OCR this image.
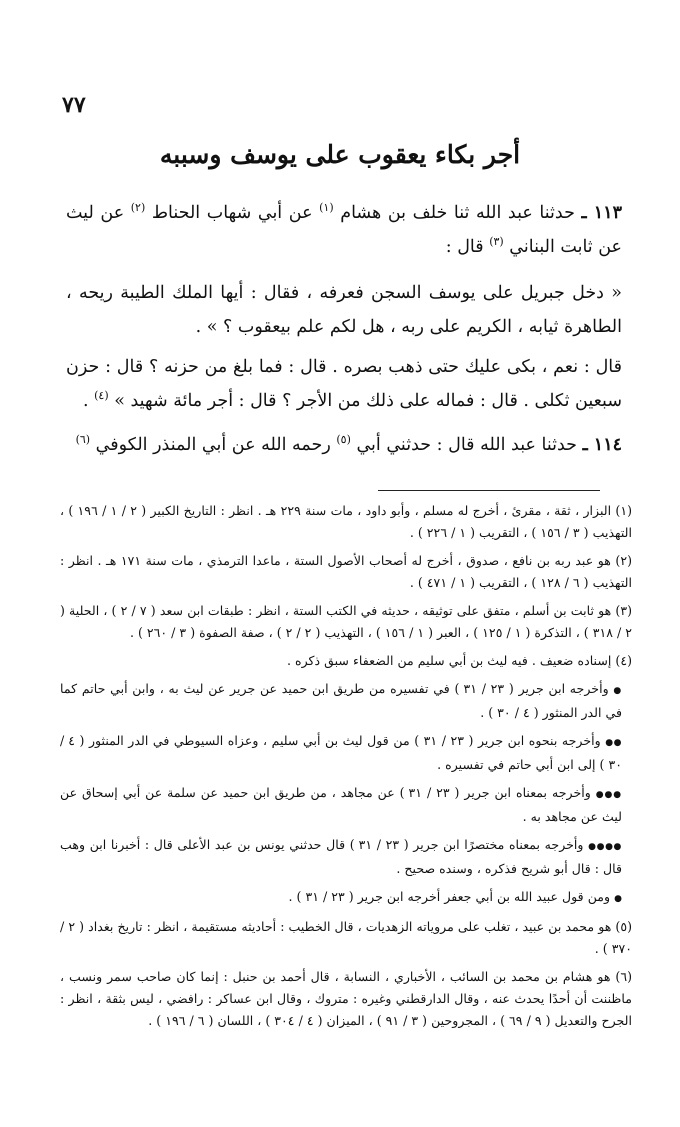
٧٧
أجر بكاء يعقوب على يوسف وسببه

١١٣ ـ حدثنا عبد الله ثنا خلف بن هشام $^{(١)}$ عن أبي شهاب الحناط $^{(٢)}$ عن ليث عن ثابت البناني $^{(٣)}$ قال :

« دخل جبريل على يوسف السجن فعرفه ، فقال : أيها الملك الطيبة ريحه ، الطاهرة ثيابه ، الكريم على ربه ، هل لكم علم بيعقوب ؟ » .

قال : نعم ، بكى عليك حتى ذهب بصره . قال : فما بلغ من حزنه ؟ قال : حزن سبعين ثكلى . قال : فماله على ذلك من الأجر ؟ قال : أجر مائة شهيد » $^{(٤)}$ .

١١٤ ـ حدثنا عبد الله قال : حدثني أبي $^{(٥)}$ رحمه الله عن أبي المنذر الكوفي $^{(٦)}$

(١) البزار ، ثقة ، مقرئ ، أخرج له مسلم ، وأبو داود ، مات سنة ٢٢٩ هـ . انظر : التاريخ الكبير ( ٢ / ١ / ١٩٦ ) ، التهذيب ( ٣ / ١٥٦ ) ، التقريب ( ١ / ٢٢٦ ) .

(٢) هو عبد ربه بن نافع ، صدوق ، أخرج له أصحاب الأصول الستة ، ماعدا الترمذي ، مات سنة ١٧١ هـ . انظر : التهذيب ( ٦ / ١٢٨ ) ، التقريب ( ١ / ٤٧١ ) .

(٣) هو ثابت بن أسلم ، متفق على توثيقه ، حديثه في الكتب الستة ، انظر : طبقات ابن سعد ( ٧ / ٢ ) ، الحلية ( ٢ / ٣١٨ ) ، التذكرة ( ١ / ١٢٥ ) ، العبر ( ١ / ١٥٦ ) ، التهذيب ( ٢ / ٢ ) ، صفة الصفوة ( ٣ / ٢٦٠ ) .

(٤) إسناده ضعيف . فيه ليث بن أبي سليم من الضعفاء سبق ذكره .

● وأخرجه ابن جرير ( ٢٣ / ٣١ ) في تفسيره من طريق ابن حميد عن جرير عن ليث به ، وابن أبي حاتم كما في الدر المنثور ( ٤ / ٣٠ ) .

●● وأخرجه بنحوه ابن جرير ( ٢٣ / ٣١ ) من قول ليث بن أبي سليم ، وعزاه السيوطي في الدر المنثور ( ٤ / ٣٠ ) إلى ابن أبي حاتم في تفسيره .

●●● وأخرجه بمعناه ابن جرير ( ٢٣ / ٣١ ) عن مجاهد ، من طريق ابن حميد عن سلمة عن أبي إسحاق عن ليث عن مجاهد به .

●●●● وأخرجه بمعناه مختصرًا ابن جرير ( ٢٣ / ٣١ ) قال حدثني يونس بن عبد الأعلى قال : أخبرنا ابن وهب قال : قال أبو شريح فذكره ، وسنده صحيح .

● ومن قول عبيد الله بن أبي جعفر أخرجه ابن جرير ( ٢٣ / ٣١ ) .

(٥) هو محمد بن عبيد ، تغلب على مروياته الزهديات ، قال الخطيب : أحاديثه مستقيمة ، انظر : تاريخ بغداد ( ٢ / ٣٧٠ ) .

(٦) هو هشام بن محمد بن السائب ، الأخباري ، النسابة ، قال أحمد بن حنبل : إنما كان صاحب سمر ونسب ، ماظننت أن أحدًا يحدث عنه ، وقال الدارقطني وغيره : متروك ، وقال ابن عساكر : رافضي ، ليس بثقة ، انظر : الجرح والتعديل ( ٩ / ٦٩ ) ، المجروحين ( ٣ / ٩١ ) ، الميزان ( ٤ / ٣٠٤ ) ، اللسان ( ٦ / ١٩٦ ) .
